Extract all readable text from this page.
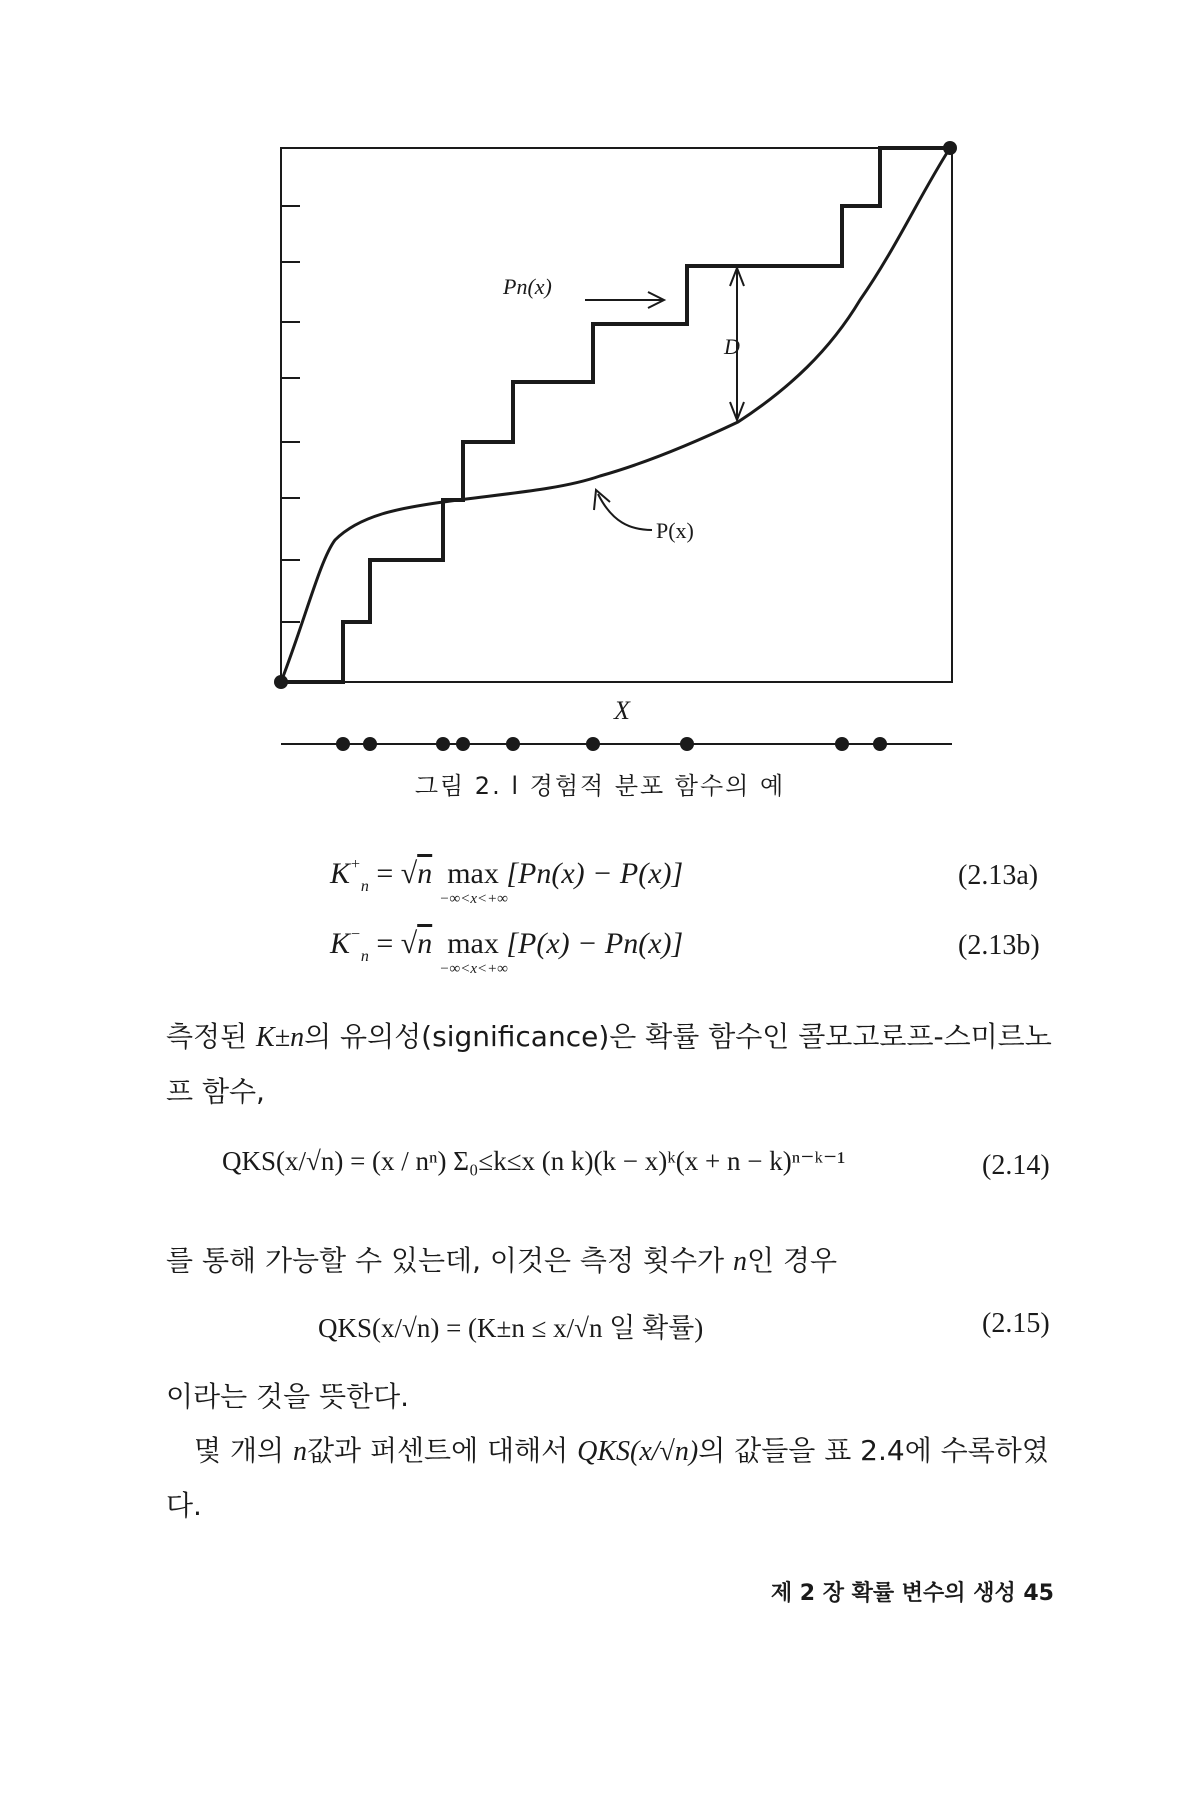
Pn(x)
D
P(x)
X
그림 2. l 경험적 분포 함수의 예
$K^+_n = √n$ max
−∞<x<+∞
[Pn(x) − P(x)]	(2.13a)
$K^-_n = √n$ max
−∞<x<+∞
[P(x) − Pn(x)]	(2.13b)
측정된 K±n의 유의성(significance)은 확률 함수인 콜모고로프-스미르노프 함수,
QKS(x/√n) = (x / nⁿ) Σ₀≤k≤x (n k)(k − x)ᵏ(x + n − k)ⁿ⁻ᵏ⁻¹	(2.14)
를 통해 가능할 수 있는데, 이것은 측정 횟수가 n인 경우
QKS(x/√n) = (K±n ≤ x/√n 일 확률)	(2.15)
이라는 것을 뜻한다.
몇 개의 n값과 퍼센트에 대해서 QKS(x/√n)의 값들을 표 2.4에 수록하였다.
제 2 장 확률 변수의 생성 45
